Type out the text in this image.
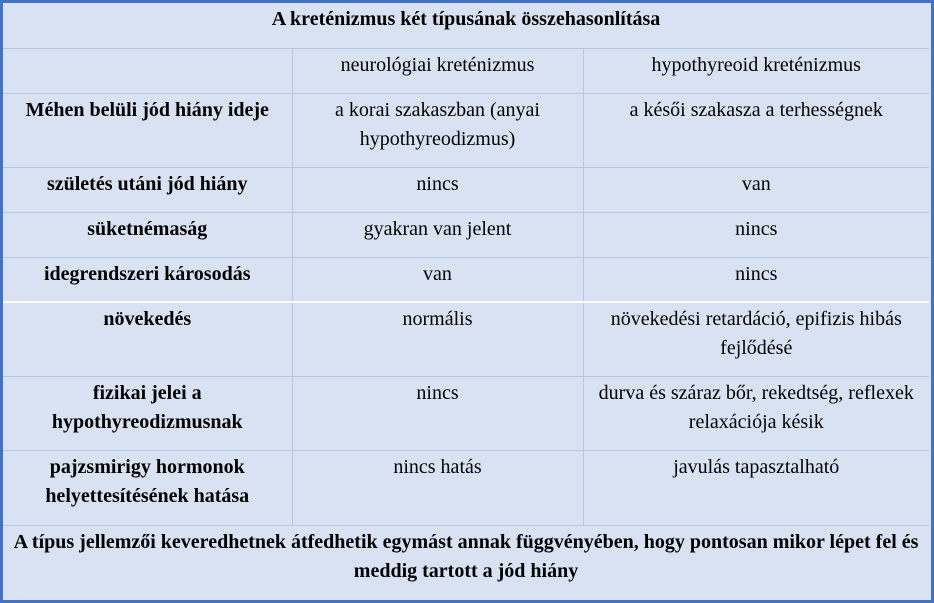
A kreténizmus két típusának összehasonlítása		
	neurológiai kreténizmus	hypothyreoid kreténizmus
Méhen belüli jód hiány ideje	a korai szakaszban (anyai hypothyreodizmus)	a késői szakasza a terhességnek
születés utáni jód hiány	nincs	van
süketnémaság	gyakran van jelent	nincs
idegrendszeri károsodás	van	nincs
növekedés	normális	növekedési retardáció, epifizis hibás fejlődésé
fizikai jelei a hypothyreodizmusnak	nincs	durva és száraz bőr, rekedtség, reflexek relaxációja késik
pajzsmirigy hormonok helyettesítésének hatása	nincs hatás	javulás tapasztalható
A típus jellemzői keveredhetnek átfedhetik egymást annak függvényében, hogy pontosan mikor lépet fel és meddig tartott a jód hiány		
